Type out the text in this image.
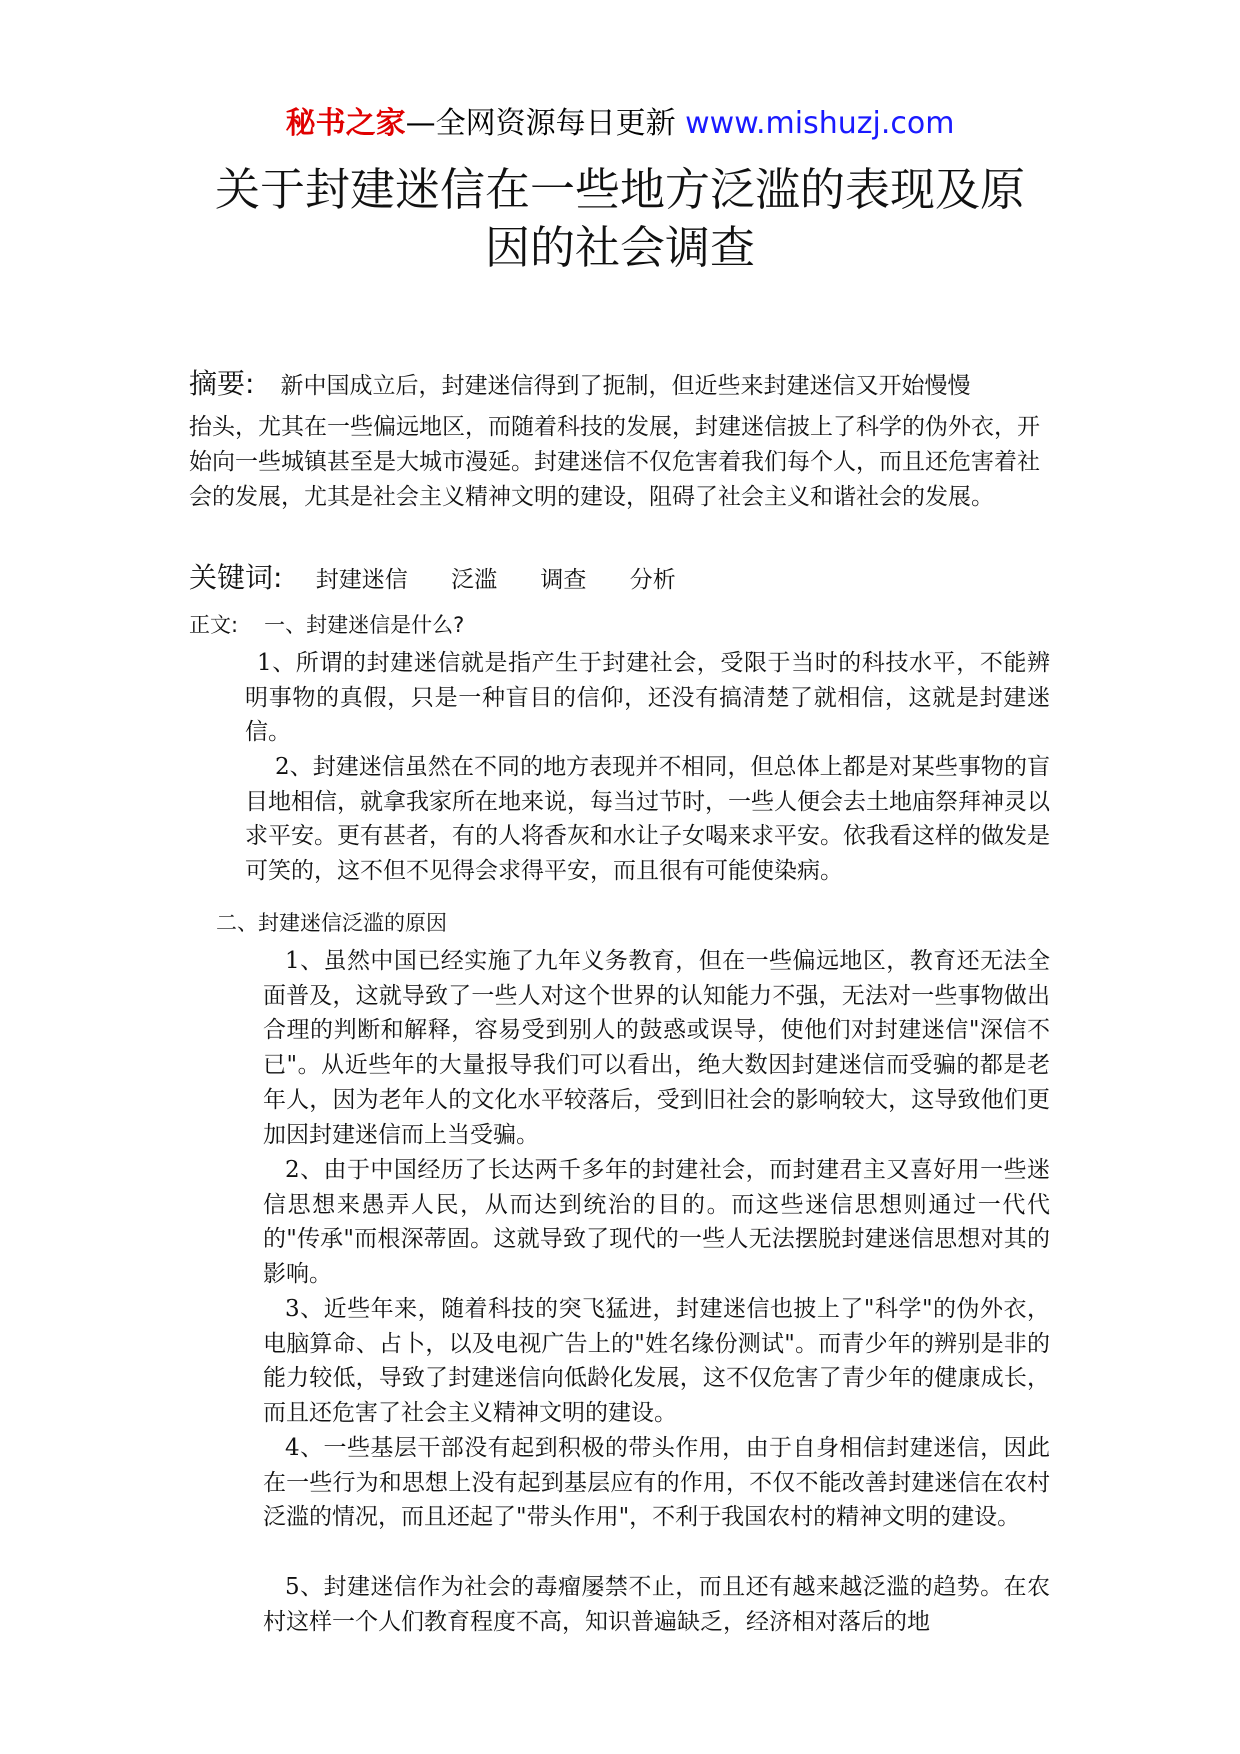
秘书之家—全网资源每日更新 www.mishuzj.com
关于封建迷信在一些地方泛滥的表现及原
因的社会调查
摘要: 新中国成立后，封建迷信得到了扼制，但近些来封建迷信又开始慢慢
抬头，尤其在一些偏远地区，而随着科技的发展，封建迷信披上了科学的伪外衣，开始向一些城镇甚至是大城市漫延。封建迷信不仅危害着我们每个人，而且还危害着社会的发展，尤其是社会主义精神文明的建设，阻碍了社会主义和谐社会的发展。
关键词: 封建迷信 泛滥 调查 分析
正文: 一、封建迷信是什么?
1、所谓的封建迷信就是指产生于封建社会，受限于当时的科技水平，不能辨明事物的真假，只是一种盲目的信仰，还没有搞清楚了就相信，这就是封建迷信。
2、封建迷信虽然在不同的地方表现并不相同，但总体上都是对某些事物的盲目地相信，就拿我家所在地来说，每当过节时，一些人便会去土地庙祭拜神灵以求平安。更有甚者，有的人将香灰和水让子女喝来求平安。依我看这样的做发是可笑的，这不但不见得会求得平安，而且很有可能使染病。
二、封建迷信泛滥的原因
1、虽然中国已经实施了九年义务教育，但在一些偏远地区，教育还无法全面普及，这就导致了一些人对这个世界的认知能力不强，无法对一些事物做出合理的判断和解释，容易受到别人的鼓惑或误导，使他们对封建迷信"深信不已"。从近些年的大量报导我们可以看出，绝大数因封建迷信而受骗的都是老年人，因为老年人的文化水平较落后，受到旧社会的影响较大，这导致他们更加因封建迷信而上当受骗。
2、由于中国经历了长达两千多年的封建社会，而封建君主又喜好用一些迷信思想来愚弄人民，从而达到统治的目的。而这些迷信思想则通过一代代的"传承"而根深蒂固。这就导致了现代的一些人无法摆脱封建迷信思想对其的影响。
3、近些年来，随着科技的突飞猛进，封建迷信也披上了"科学"的伪外衣，电脑算命、占卜，以及电视广告上的"姓名缘份测试"。而青少年的辨别是非的能力较低，导致了封建迷信向低龄化发展，这不仅危害了青少年的健康成长，而且还危害了社会主义精神文明的建设。
4、一些基层干部没有起到积极的带头作用，由于自身相信封建迷信，因此在一些行为和思想上没有起到基层应有的作用，不仅不能改善封建迷信在农村泛滥的情况，而且还起了"带头作用"，不利于我国农村的精神文明的建设。
5、封建迷信作为社会的毒瘤屡禁不止，而且还有越来越泛滥的趋势。在农村这样一个人们教育程度不高，知识普遍缺乏，经济相对落后的地
